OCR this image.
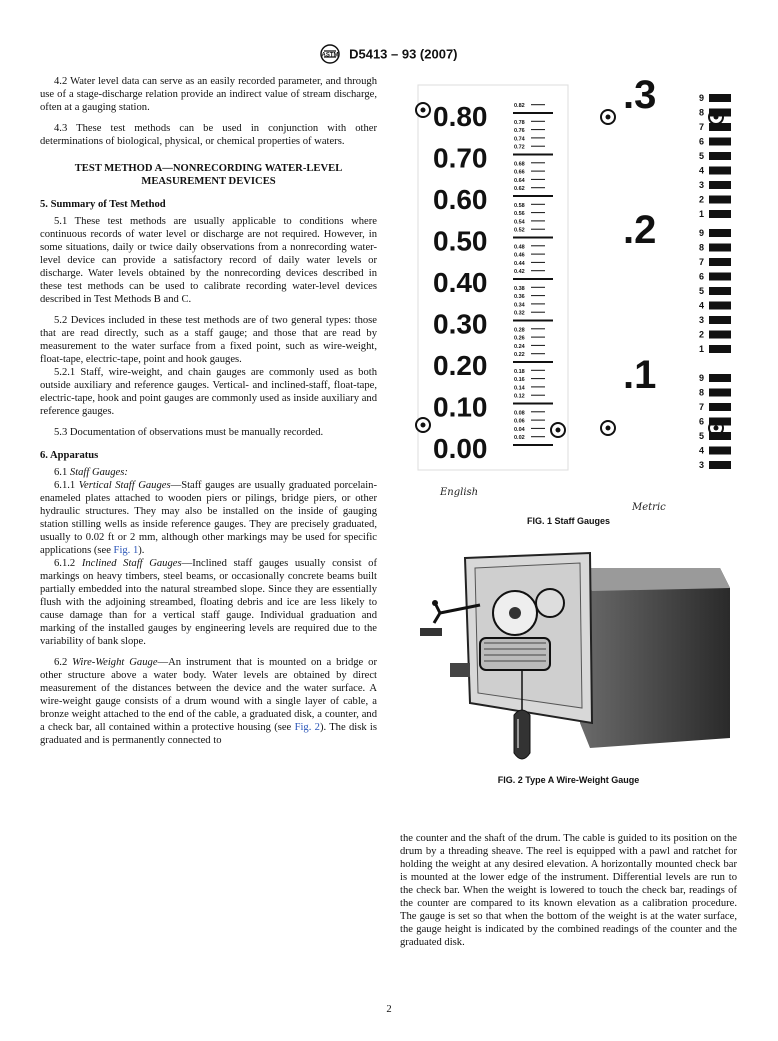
ASTM D5413 – 93 (2007)

4.2 Water level data can serve as an easily recorded parameter, and through use of a stage-discharge relation provide an indirect value of stream discharge, often at a gauging station.

4.3 These test methods can be used in conjunction with other determinations of biological, physical, or chemical properties of waters.

TEST METHOD A—NONRECORDING WATER-LEVEL MEASUREMENT DEVICES

5. Summary of Test Method

5.1 These test methods are usually applicable to conditions where continuous records of water level or discharge are not required. However, in some situations, daily or twice daily observations from a nonrecording water-level device can provide a satisfactory record of daily water levels or discharge. Water levels obtained by the nonrecording devices described in these test methods can be used to calibrate recording water-level devices described in Test Methods B and C.

5.2 Devices included in these test methods are of two general types: those that are read directly, such as a staff gauge; and those that are read by measurement to the water surface from a fixed point, such as wire-weight, float-tape, electric-tape, point and hook gauges.

5.2.1 Staff, wire-weight, and chain gauges are commonly used as both outside auxiliary and reference gauges. Vertical- and inclined-staff, float-tape, electric-tape, hook and point gauges are commonly used as inside auxiliary and reference gauges.

5.3 Documentation of observations must be manually recorded.

6. Apparatus

6.1 Staff Gauges:

6.1.1 Vertical Staff Gauges—Staff gauges are usually graduated porcelain-enameled plates attached to wooden piers or pilings, bridge piers, or other hydraulic structures. They may also be installed on the inside of gauging station stilling wells as inside reference gauges. They are precisely graduated, usually to 0.02 ft or 2 mm, although other markings may be used for specific applications (see Fig. 1).

6.1.2 Inclined Staff Gauges—Inclined staff gauges usually consist of markings on heavy timbers, steel beams, or occasionally concrete beams built partially embedded into the natural streambed slope. Since they are essentially flush with the adjoining streambed, floating debris and ice are less likely to cause damage than for a vertical staff gauge. Individual graduation and marking of the installed gauges by engineering levels are required due to the variability of bank slope.

6.2 Wire-Weight Gauge—An instrument that is mounted on a bridge or other structure above a water body. Water levels are obtained by direct measurement of the distances between the device and the water surface. A wire-weight gauge consists of a drum wound with a single layer of cable, a bronze weight attached to the end of the cable, a graduated disk, a counter, and a check bar, all contained within a protective housing (see Fig. 2). The disk is graduated and is permanently connected to

0.80
0.70
0.60
0.50
0.40
0.30
0.20
0.10
0.00
0.82
0.78
0.76
0.74
0.72
0.68
0.66
0.64
0.62
0.58
0.56
0.54
0.52
0.48
0.46
0.44
0.42
0.38
0.36
0.34
0.32
0.28
0.26
0.24
0.22
0.18
0.16
0.14
0.12
0.08
0.06
0.04
0.02
.3	9
8
7
6
5
4
3
2
1
.2	9
8
7
6
5
4
3
2
1
.1	9
8
7
6
5
4
3
English
Metric
FIG. 1 Staff Gauges
FIG. 2 Type A Wire-Weight Gauge

the counter and the shaft of the drum. The cable is guided to its position on the drum by a threading sheave. The reel is equipped with a pawl and ratchet for holding the weight at any desired elevation. A horizontally mounted check bar is mounted at the lower edge of the instrument. Differential levels are run to the check bar. When the weight is lowered to touch the check bar, readings of the counter are compared to its known elevation as a calibration procedure. The gauge is set so that when the bottom of the weight is at the water surface, the gauge height is indicated by the combined readings of the counter and the graduated disk.

2
